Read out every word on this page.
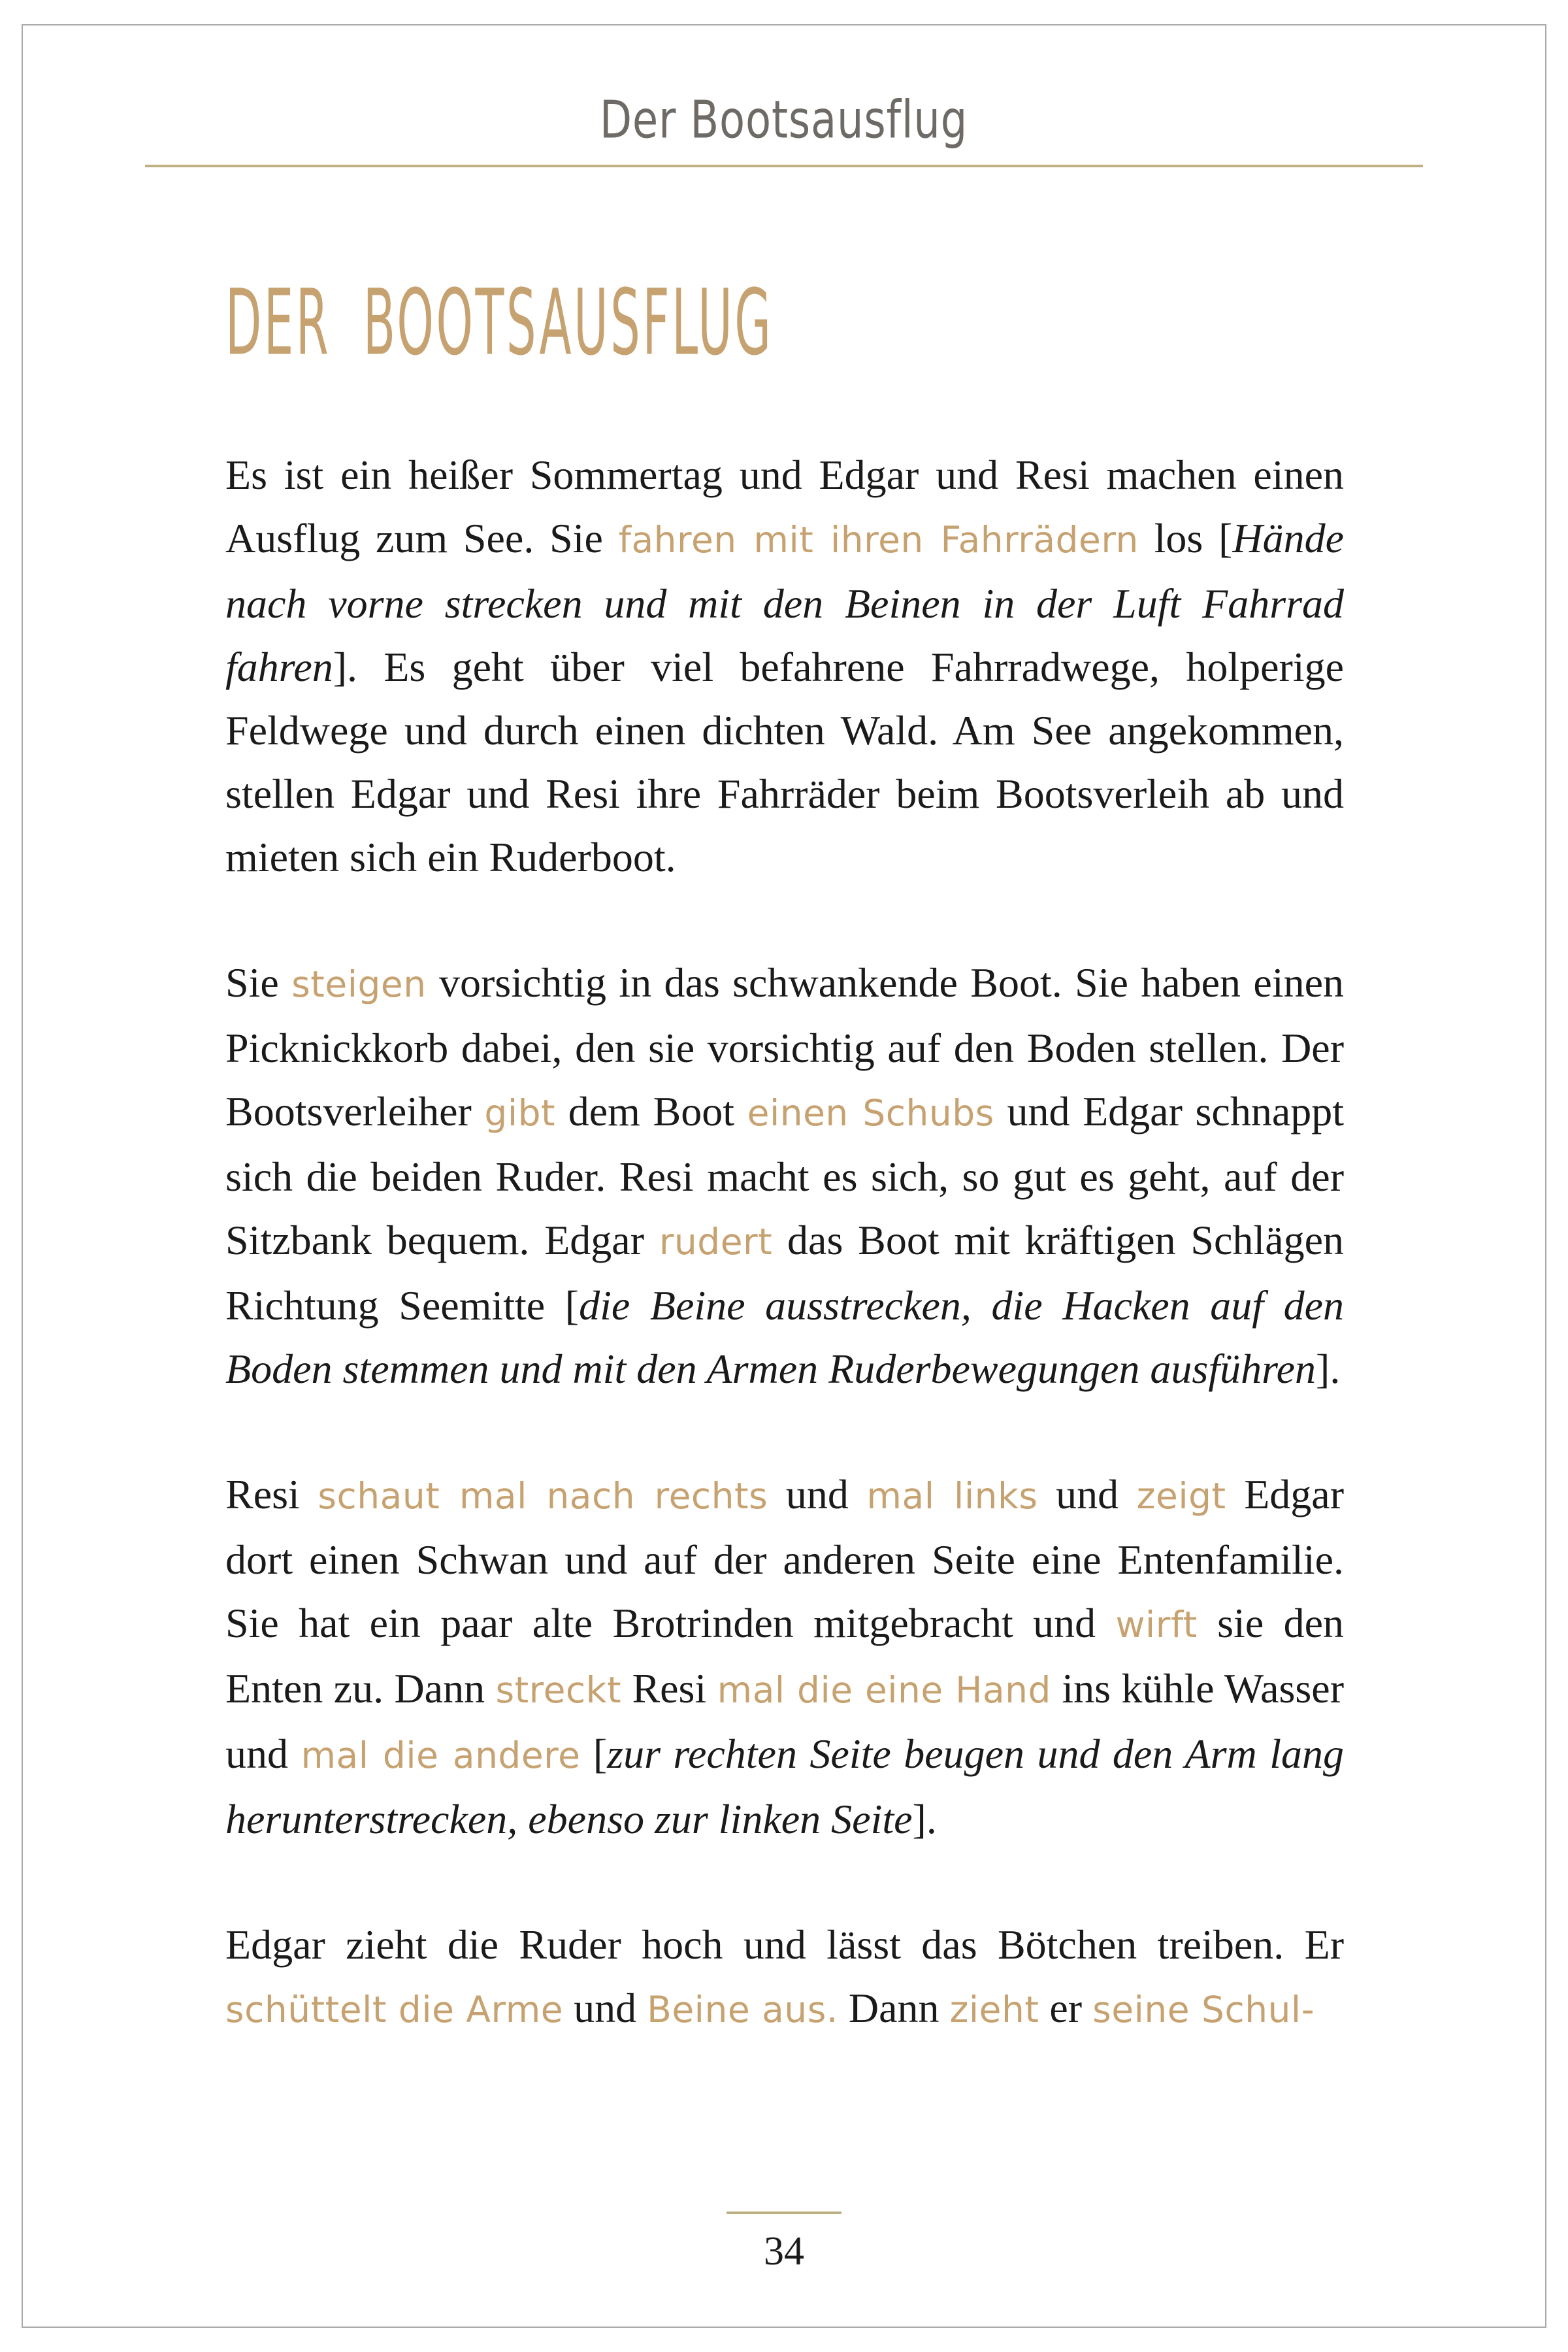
Der Bootsausflug
DER BOOTSAUSFLUG

Es ist ein heißer Sommertag und Edgar und Resi machen einen Ausflug zum See. Sie fahren mit ihren Fahrrädern los [Hände nach vorne strecken und mit den Beinen in der Luft Fahrrad fahren]. Es geht über viel befahrene Fahrradwege, holperige Feldwege und durch einen dichten Wald. Am See angekommen, stellen Edgar und Resi ihre Fahrräder beim Bootsverleih ab und mieten sich ein Ruderboot.

Sie steigen vorsichtig in das schwankende Boot. Sie haben einen Picknickkorb dabei, den sie vorsichtig auf den Boden stellen. Der Bootsverleiher gibt dem Boot einen Schubs und Edgar schnappt sich die beiden Ruder. Resi macht es sich, so gut es geht, auf der Sitzbank bequem. Edgar rudert das Boot mit kräftigen Schlägen Richtung Seemitte [die Beine ausstrecken, die Hacken auf den Boden stemmen und mit den Armen Ruderbewegungen ausführen].

Resi schaut mal nach rechts und mal links und zeigt Edgar dort einen Schwan und auf der anderen Seite eine Entenfamilie. Sie hat ein paar alte Brotrinden mitgebracht und wirft sie den Enten zu. Dann streckt Resi mal die eine Hand ins kühle Wasser und mal die andere [zur rechten Seite beugen und den Arm lang herunterstrecken, ebenso zur linken Seite].

Edgar zieht die Ruder hoch und lässt das Bötchen treiben. Er schüttelt die Arme und Beine aus. Dann zieht er seine Schul-

34
